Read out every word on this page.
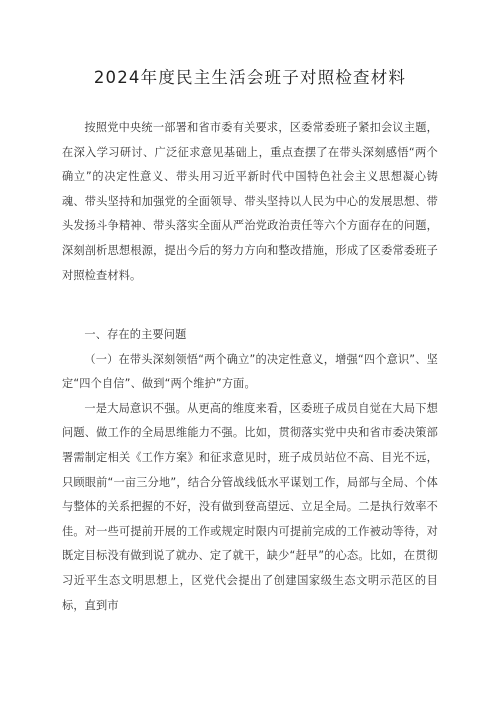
2024年度民主生活会班子对照检查材料

按照党中央统一部署和省市委有关要求，区委常委班子紧扣会议主题，在深入学习研讨、广泛征求意见基础上，重点查摆了在带头深刻感悟“两个确立”的决定性意义、带头用习近平新时代中国特色社会主义思想凝心铸魂、带头坚持和加强党的全面领导、带头坚持以人民为中心的发展思想、带头发扬斗争精神、带头落实全面从严治党政治责任等六个方面存在的问题，深刻剖析思想根源，提出今后的努力方向和整改措施，形成了区委常委班子对照检查材料。

一、存在的主要问题

（一）在带头深刻领悟“两个确立”的决定性意义，增强“四个意识”、坚定“四个自信”、做到“两个维护”方面。

一是大局意识不强。从更高的维度来看，区委班子成员自觉在大局下想问题、做工作的全局思维能力不强。比如，贯彻落实党中央和省市委决策部署需制定相关《工作方案》和征求意见时，班子成员站位不高、目光不远，只顾眼前“一亩三分地”，结合分管战线低水平谋划工作，局部与全局、个体与整体的关系把握的不好，没有做到登高望远、立足全局。二是执行效率不佳。对一些可提前开展的工作或规定时限内可提前完成的工作被动等待，对既定目标没有做到说了就办、定了就干，缺少“赶早”的心态。比如，在贯彻习近平生态文明思想上，区党代会提出了创建国家级生态文明示范区的目标，直到市
